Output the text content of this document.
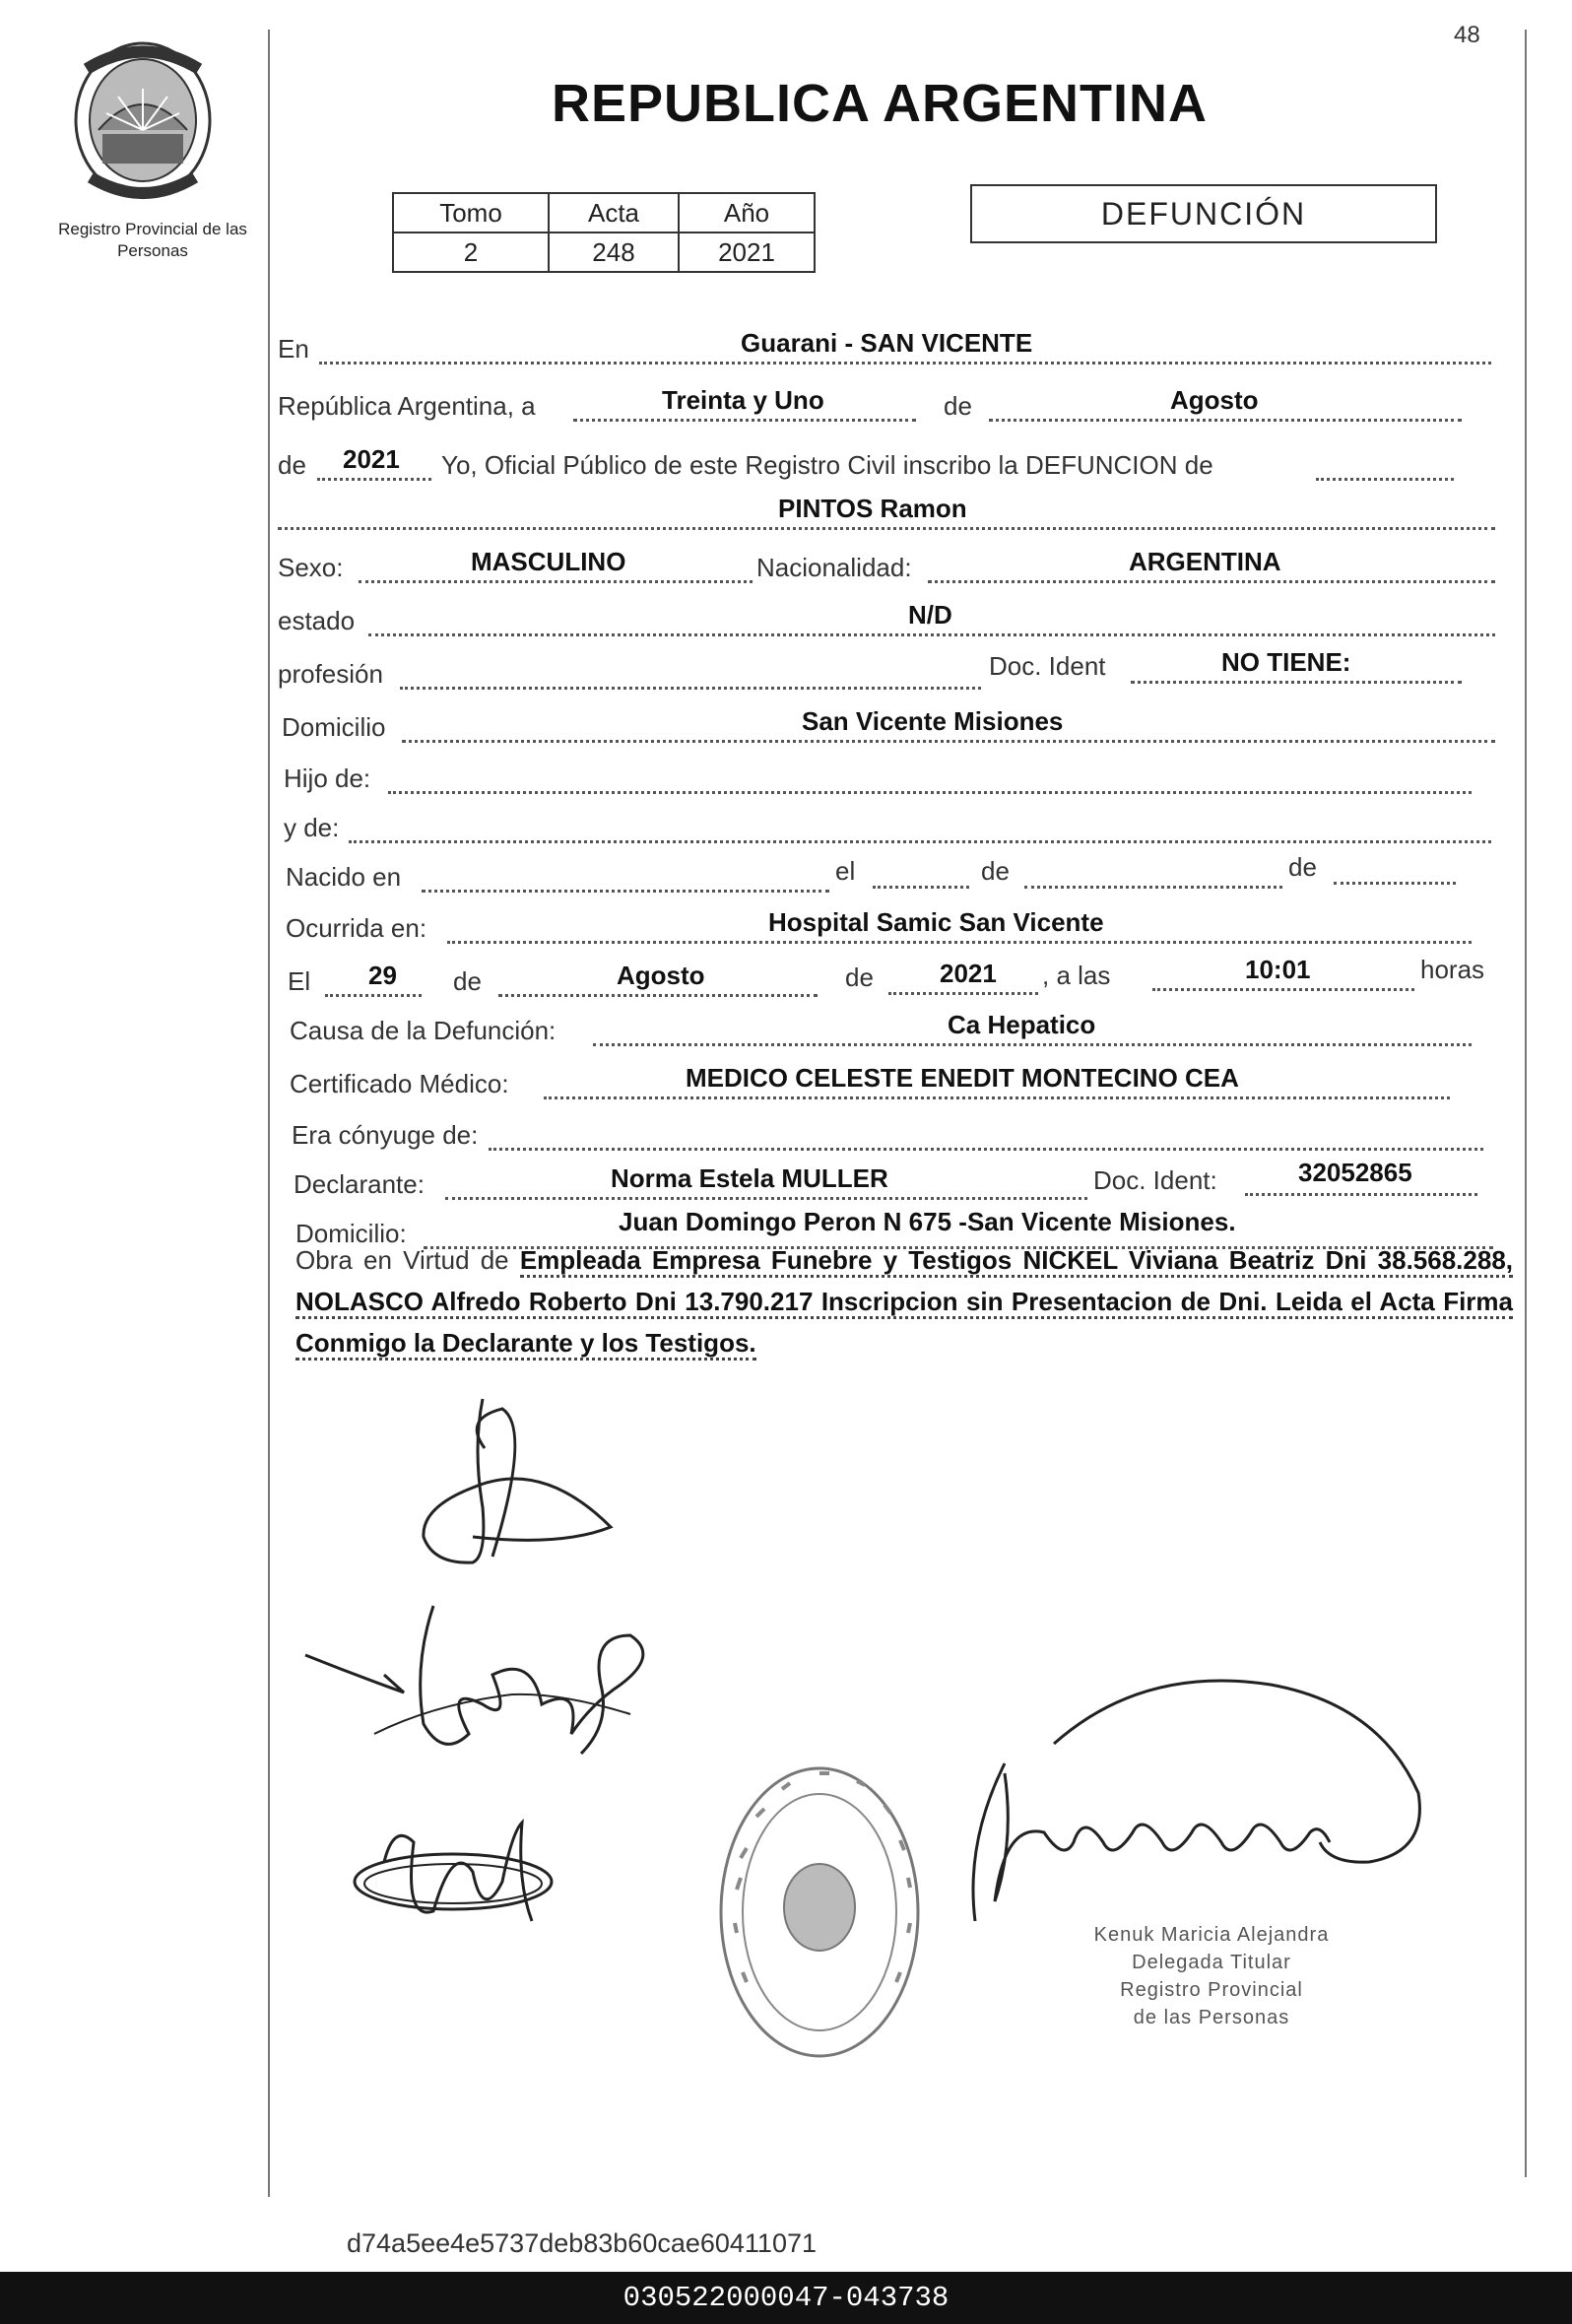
Registro Provincial de las Personas
48
REPUBLICA ARGENTINA
Tomo	Acta	Año
2	248	2021
DEFUNCIÓN
En	Guarani - SAN VICENTE
República Argentina, a	Treinta y Uno	de	Agosto
de 2021 Yo, Oficial Público de este Registro Civil inscribo la DEFUNCION de
PINTOS Ramon
Sexo:	MASCULINO	Nacionalidad:	ARGENTINA
estado	N/D
profesión	Doc. Ident	NO TIENE:
Domicilio	San Vicente Misiones
Hijo de:
y de:
Nacido en	el	de	de
Ocurrida en:	Hospital Samic San Vicente
El 29 de	Agosto	de	2021 , a las	10:01	horas
Causa de la Defunción:	Ca Hepatico
Certificado Médico:	MEDICO CELESTE ENEDIT MONTECINO CEA
Era cónyuge de:
Declarante:	Norma Estela MULLER	Doc. Ident:	32052865
Domicilio:	Juan Domingo Peron N 675 -San Vicente Misiones.
Obra en Virtud de Empleada Empresa Funebre y Testigos NICKEL Viviana Beatriz Dni 38.568.288, NOLASCO Alfredo Roberto Dni 13.790.217 Inscripcion sin Presentacion de Dni. Leida el Acta Firma Conmigo la Declarante y los Testigos.
Kenuk Maricia Alejandra
Delegada Titular
Registro Provincial
de las Personas
d74a5ee4e5737deb83b60cae60411071
030522000047-043738
